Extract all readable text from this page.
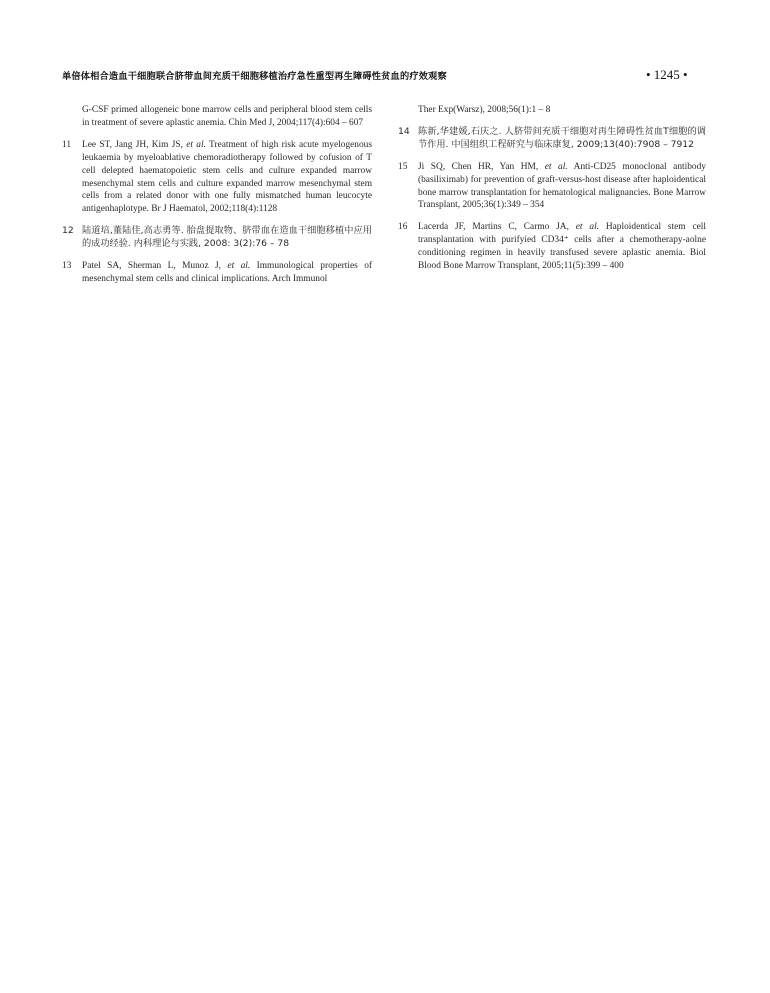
单倍体相合造血干细胞联合脐带血间充质干细胞移植治疗急性重型再生障碍性贫血的疗效观察	• 1245 •
G-CSF primed allogeneic bone marrow cells and peripheral blood stem cells in treatment of severe aplastic anemia. Chin Med J, 2004;117(4):604 – 607
11 Lee ST, Jang JH, Kim JS, et al. Treatment of high risk acute myelogenous leukaemia by myeloablative chemoradiotherapy followed by cofusion of T cell delepted haematopoietic stem cells and culture expanded marrow mesenchymal stem cells and culture expanded marrow mesenchymal stem cells from a related donor with one fully mismatched human leucocyte antigenhaplotype. Br J Haematol, 2002;118(4):1128
12 陆道培,董陆佳,高志勇等. 胎盘提取物、脐带血在造血干细胞移植中应用的成功经验. 内科理论与实践, 2008: 3(2):76 – 78
13 Patel SA, Sherman L, Munoz J, et al. Immunological properties of mesenchymal stem cells and clinical implications. Arch Immunol
Ther Exp(Warsz), 2008;56(1):1 – 8
14 陈新,华建媛,石庆之. 人脐带间充质干细胞对再生障碍性贫血T细胞的调节作用. 中国组织工程研究与临床康复, 2009;13(40):7908 – 7912
15 Ji SQ, Chen HR, Yan HM, et al. Anti-CD25 monoclonal antibody (basiliximab) for prevention of graft-versus-host disease after haploidentical bone marrow transplantation for hematological malignancies. Bone Marrow Transplant, 2005;36(1):349 – 354
16 Lacerda JF, Martins C, Carmo JA, et al. Haploidentical stem cell transplantation with purifyied CD34⁺ cells after a chemotherapy-aolne conditioning regimen in heavily transfused severe aplastic anemia. Biol Blood Bone Marrow Transplant, 2005;11(5):399 – 400
